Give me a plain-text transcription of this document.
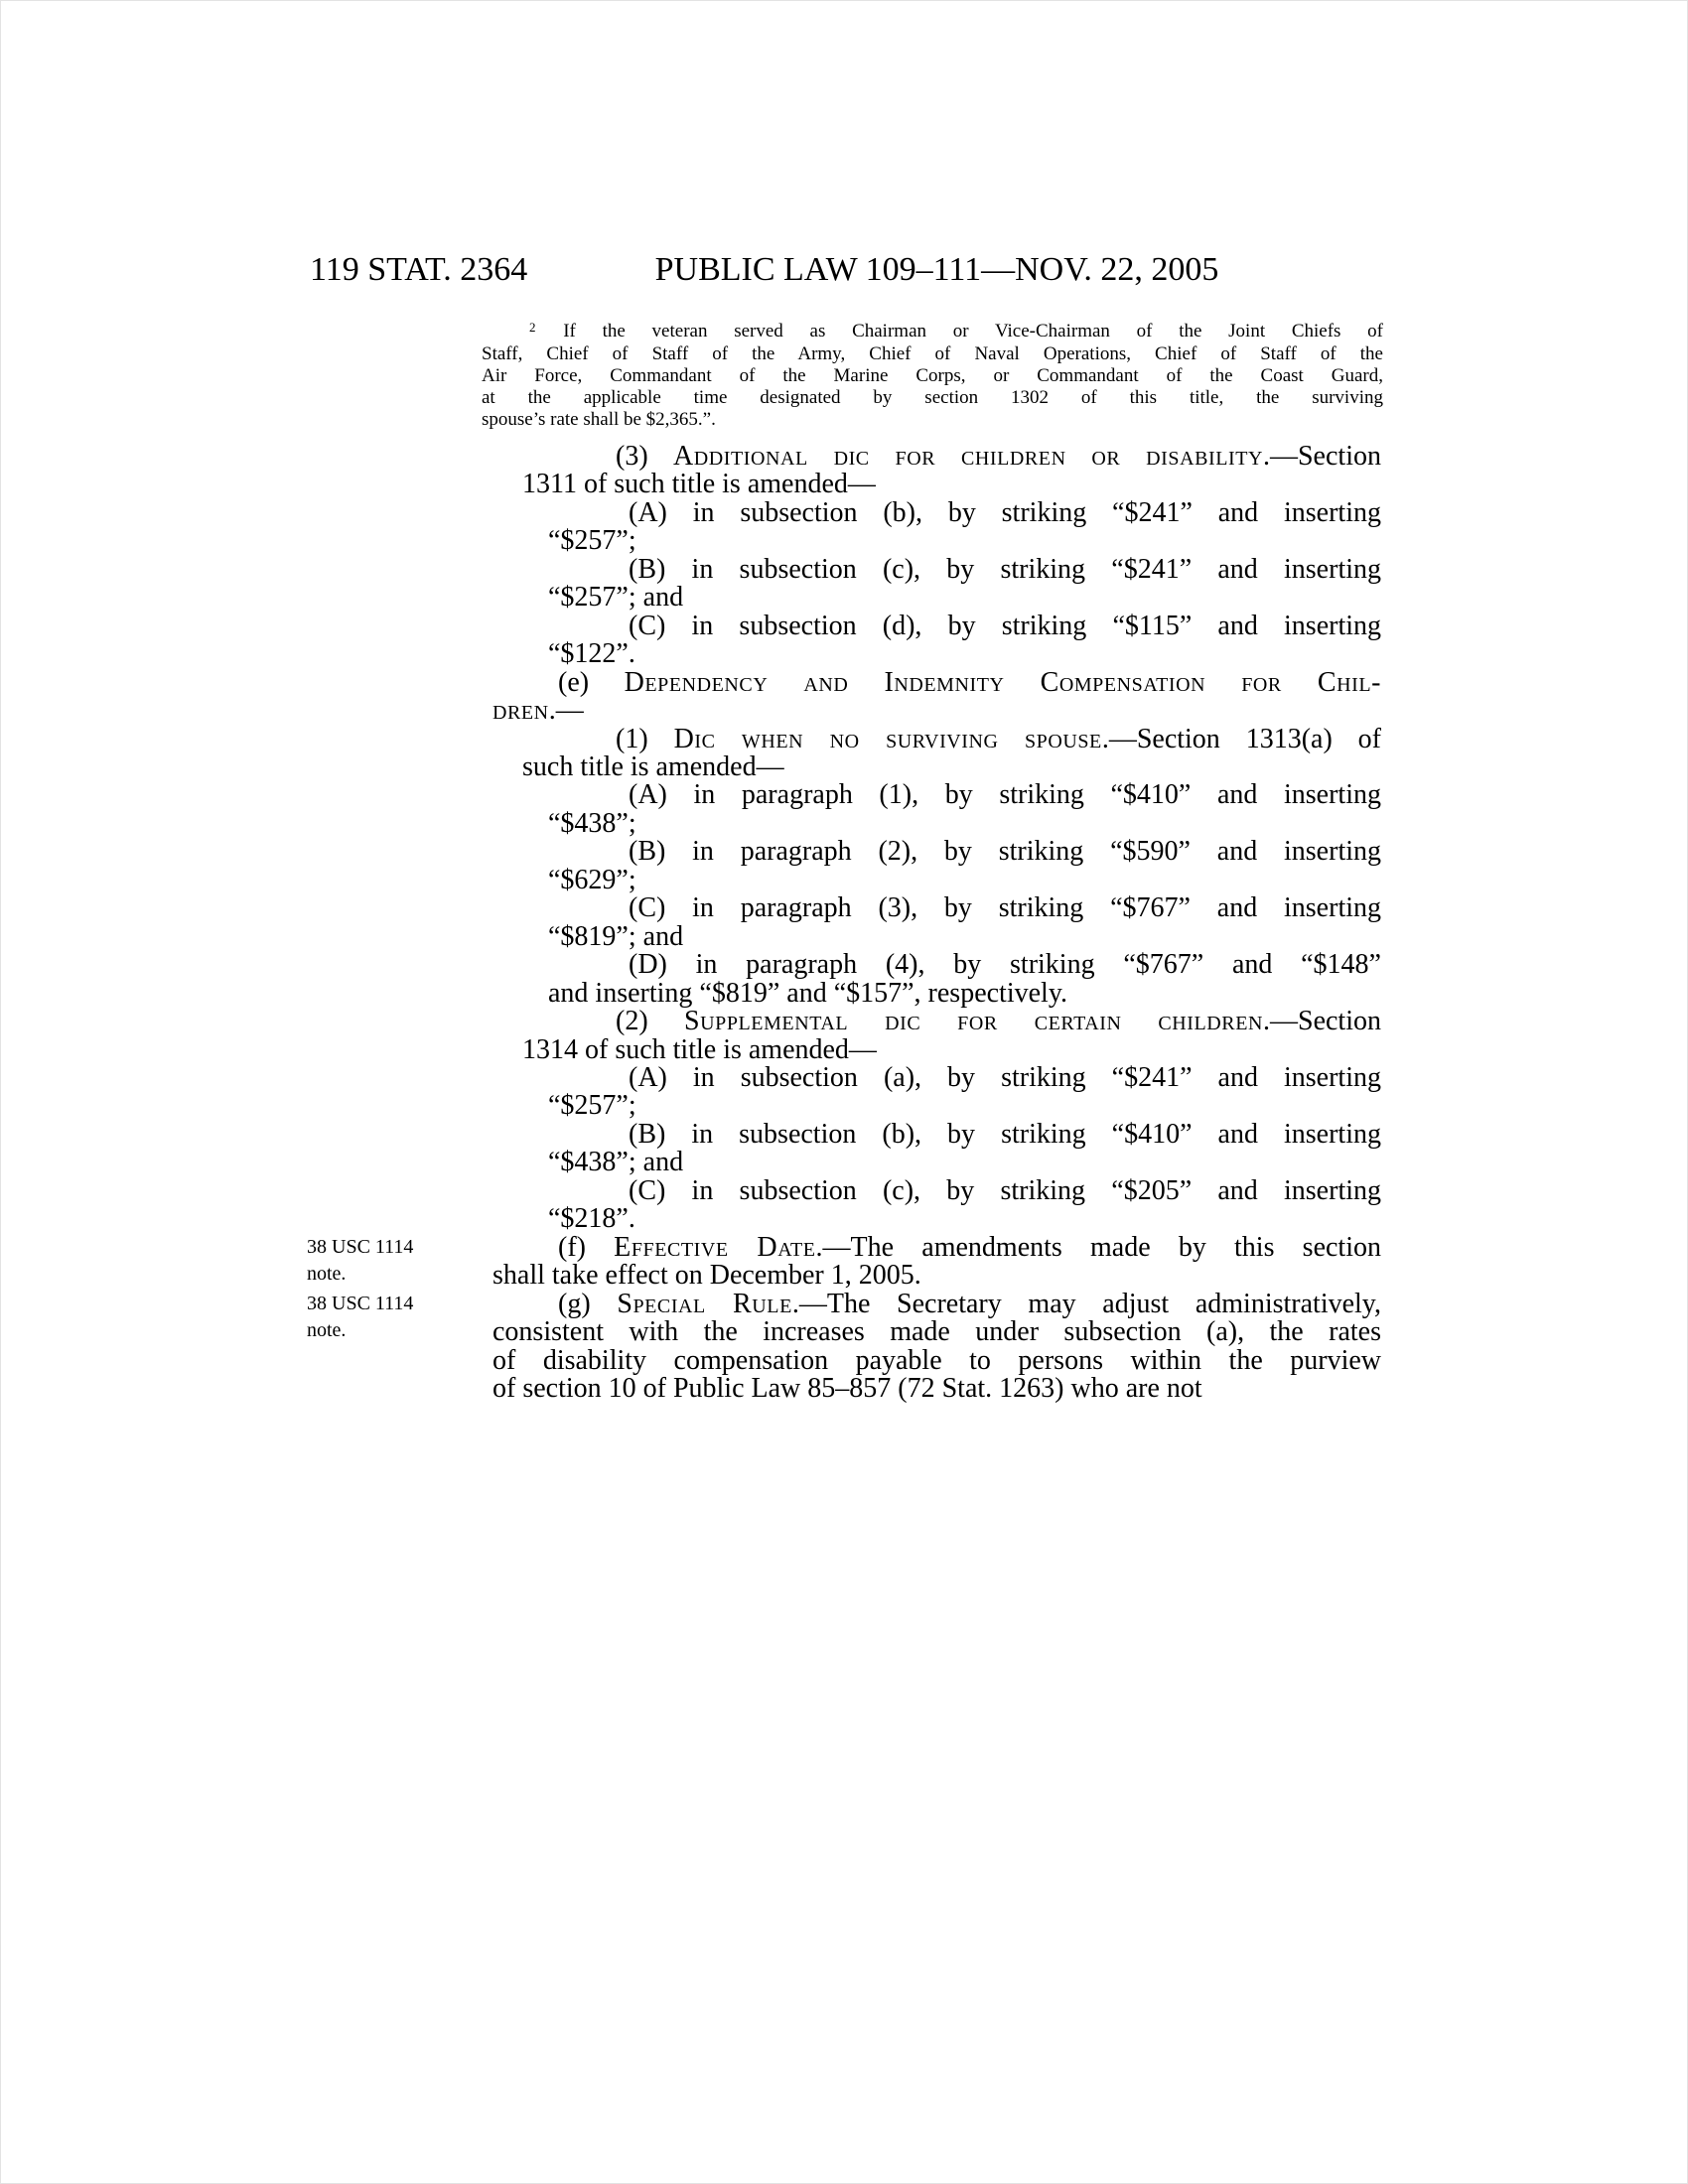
119 STAT. 2364	PUBLIC LAW 109–111—NOV. 22, 2005
$^2$ If the veteran served as Chairman or Vice-Chairman of the Joint Chiefs of
Staff, Chief of Staff of the Army, Chief of Naval Operations, Chief of Staff of the
Air Force, Commandant of the Marine Corps, or Commandant of the Coast Guard,
at the applicable time designated by section 1302 of this title, the surviving
spouse’s rate shall be $2,365.”.
(3) Additional dic for children or disability.—Section
1311 of such title is amended—
(A) in subsection (b), by striking “$241” and inserting
“$257”;
(B) in subsection (c), by striking “$241” and inserting
“$257”; and
(C) in subsection (d), by striking “$115” and inserting
“$122”.
(e) Dependency and Indemnity Compensation for Chil-
dren.—
(1) Dic when no surviving spouse.—Section 1313(a) of
such title is amended—
(A) in paragraph (1), by striking “$410” and inserting
“$438”;
(B) in paragraph (2), by striking “$590” and inserting
“$629”;
(C) in paragraph (3), by striking “$767” and inserting
“$819”; and
(D) in paragraph (4), by striking “$767” and “$148”
and inserting “$819” and “$157”, respectively.
(2) Supplemental dic for certain children.—Section
1314 of such title is amended—
(A) in subsection (a), by striking “$241” and inserting
“$257”;
(B) in subsection (b), by striking “$410” and inserting
“$438”; and
(C) in subsection (c), by striking “$205” and inserting
“$218”.
(f) Effective Date.—The amendments made by this section
shall take effect on December 1, 2005.
(g) Special Rule.—The Secretary may adjust administratively,
consistent with the increases made under subsection (a), the rates
of disability compensation payable to persons within the purview
of section 10 of Public Law 85–857 (72 Stat. 1263) who are not
38 USC 1114 note.
38 USC 1114 note.
